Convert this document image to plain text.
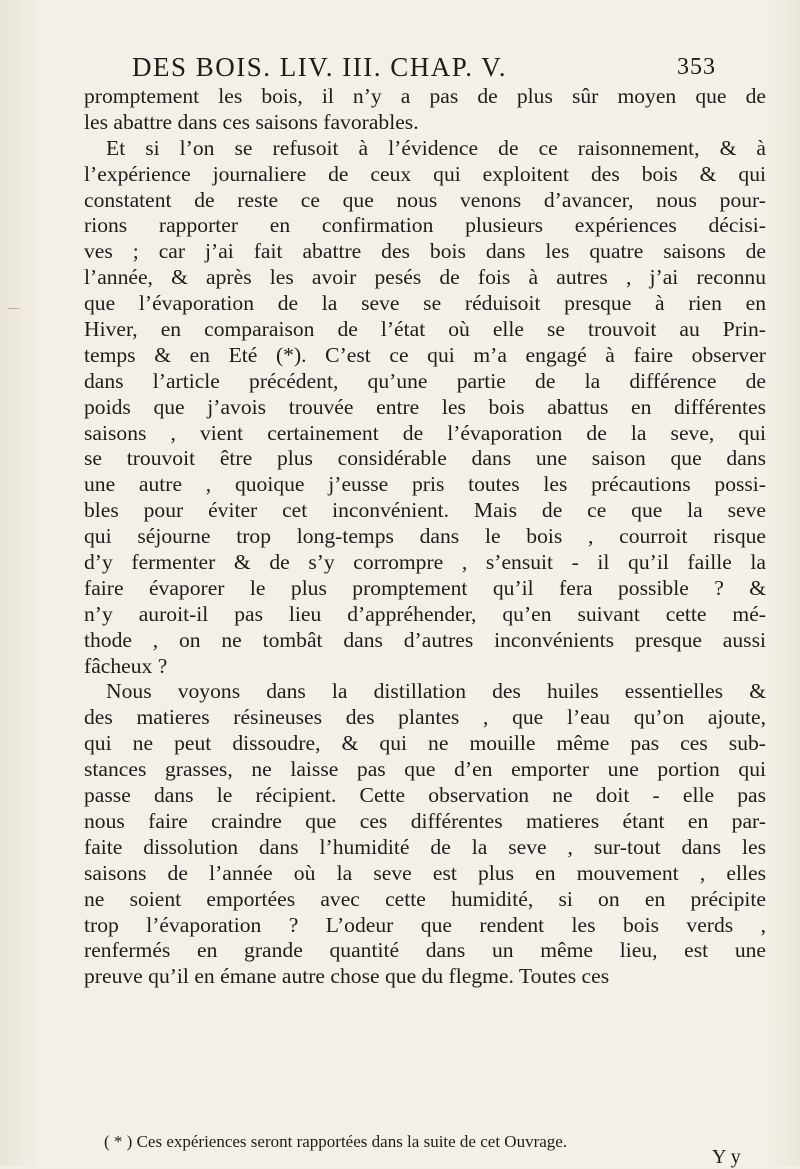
DES BOIS. LIV. III. CHAP. V.	353
promptement les bois, il n’y a pas de plus sûr moyen que de
les abattre dans ces saisons favorables.
Et si l’on se refusoit à l’évidence de ce raisonnement, & à
l’expérience journaliere de ceux qui exploitent des bois & qui
constatent de reste ce que nous venons d’avancer, nous pour-
rions rapporter en confirmation plusieurs expériences décisi-
ves ; car j’ai fait abattre des bois dans les quatre saisons de
l’année, & après les avoir pesés de fois à autres , j’ai reconnu
que l’évaporation de la seve se réduisoit presque à rien en
Hiver, en comparaison de l’état où elle se trouvoit au Prin-
temps & en Eté (*). C’est ce qui m’a engagé à faire observer
dans l’article précédent, qu’une partie de la différence de
poids que j’avois trouvée entre les bois abattus en différentes
saisons , vient certainement de l’évaporation de la seve, qui
se trouvoit être plus considérable dans une saison que dans
une autre , quoique j’eusse pris toutes les précautions possi-
bles pour éviter cet inconvénient. Mais de ce que la seve
qui séjourne trop long-temps dans le bois , courroit risque
d’y fermenter & de s’y corrompre , s’ensuit - il qu’il faille la
faire évaporer le plus promptement qu’il fera possible ? &
n’y auroit-il pas lieu d’appréhender, qu’en suivant cette mé-
thode , on ne tombât dans d’autres inconvénients presque aussi
fâcheux ?
Nous voyons dans la distillation des huiles essentielles &
des matieres résineuses des plantes , que l’eau qu’on ajoute,
qui ne peut dissoudre, & qui ne mouille même pas ces sub-
stances grasses, ne laisse pas que d’en emporter une portion qui
passe dans le récipient. Cette observation ne doit - elle pas
nous faire craindre que ces différentes matieres étant en par-
faite dissolution dans l’humidité de la seve , sur-tout dans les
saisons de l’année où la seve est plus en mouvement , elles
ne soient emportées avec cette humidité, si on en précipite
trop l’évaporation ? L’odeur que rendent les bois verds ,
renfermés en grande quantité dans un même lieu, est une
preuve qu’il en émane autre chose que du flegme. Toutes ces
( * ) Ces expériences seront rapportées dans la suite de cet Ouvrage.
Y y
